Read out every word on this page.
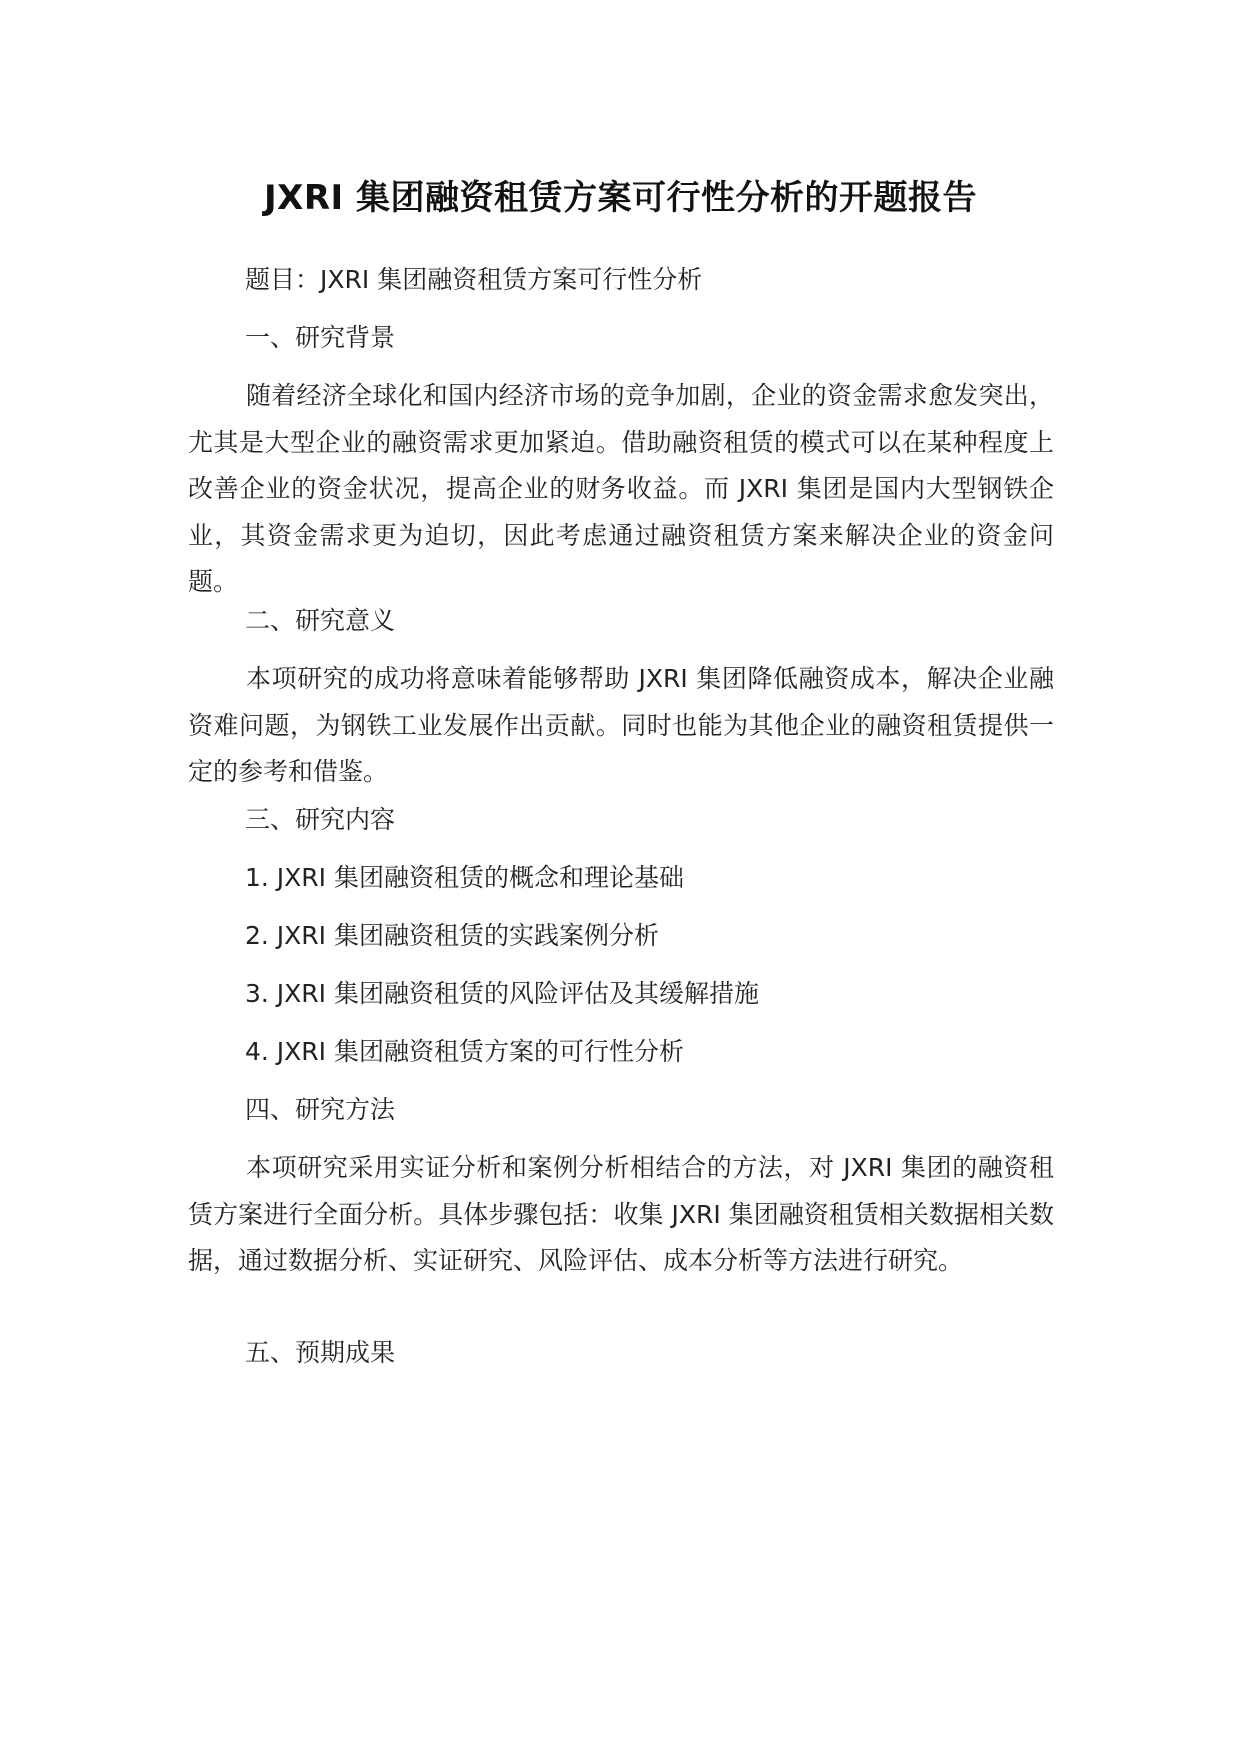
JXRI 集团融资租赁方案可行性分析的开题报告
题目：JXRI 集团融资租赁方案可行性分析
一、研究背景
随着经济全球化和国内经济市场的竞争加剧，企业的资金需求愈发突出，尤其是大型企业的融资需求更加紧迫。借助融资租赁的模式可以在某种程度上改善企业的资金状况，提高企业的财务收益。而 JXRI 集团是国内大型钢铁企业，其资金需求更为迫切，因此考虑通过融资租赁方案来解决企业的资金问题。
二、研究意义
本项研究的成功将意味着能够帮助 JXRI 集团降低融资成本，解决企业融资难问题，为钢铁工业发展作出贡献。同时也能为其他企业的融资租赁提供一定的参考和借鉴。
三、研究内容
1. JXRI 集团融资租赁的概念和理论基础
2. JXRI 集团融资租赁的实践案例分析
3. JXRI 集团融资租赁的风险评估及其缓解措施
4. JXRI 集团融资租赁方案的可行性分析
四、研究方法
本项研究采用实证分析和案例分析相结合的方法，对 JXRI 集团的融资租赁方案进行全面分析。具体步骤包括：收集 JXRI 集团融资租赁相关数据相关数据，通过数据分析、实证研究、风险评估、成本分析等方法进行研究。
五、预期成果
